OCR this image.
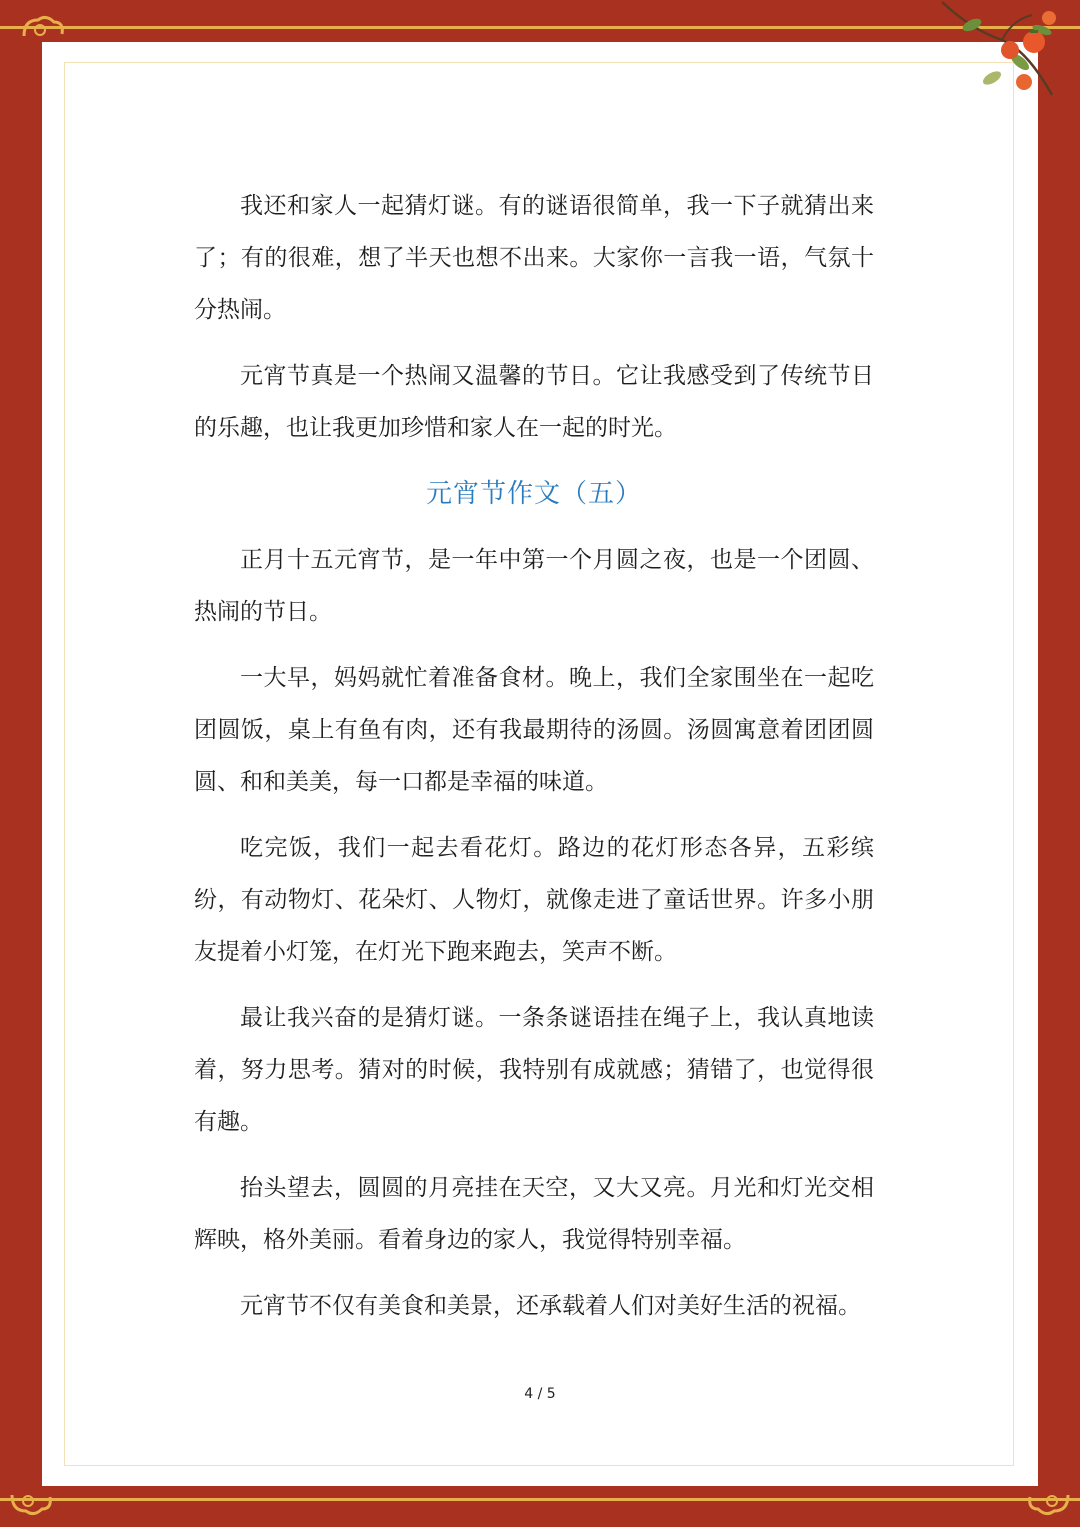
我还和家人一起猜灯谜。有的谜语很简单，我一下子就猜出来了；有的很难，想了半天也想不出来。大家你一言我一语，气氛十分热闹。

元宵节真是一个热闹又温馨的节日。它让我感受到了传统节日的乐趣，也让我更加珍惜和家人在一起的时光。

元宵节作文（五）

正月十五元宵节，是一年中第一个月圆之夜，也是一个团圆、热闹的节日。

一大早，妈妈就忙着准备食材。晚上，我们全家围坐在一起吃团圆饭，桌上有鱼有肉，还有我最期待的汤圆。汤圆寓意着团团圆圆、和和美美，每一口都是幸福的味道。

吃完饭，我们一起去看花灯。路边的花灯形态各异，五彩缤纷，有动物灯、花朵灯、人物灯，就像走进了童话世界。许多小朋友提着小灯笼，在灯光下跑来跑去，笑声不断。

最让我兴奋的是猜灯谜。一条条谜语挂在绳子上，我认真地读着，努力思考。猜对的时候，我特别有成就感；猜错了，也觉得很有趣。

抬头望去，圆圆的月亮挂在天空，又大又亮。月光和灯光交相辉映，格外美丽。看着身边的家人，我觉得特别幸福。

元宵节不仅有美食和美景，还承载着人们对美好生活的祝福。

4 / 5
